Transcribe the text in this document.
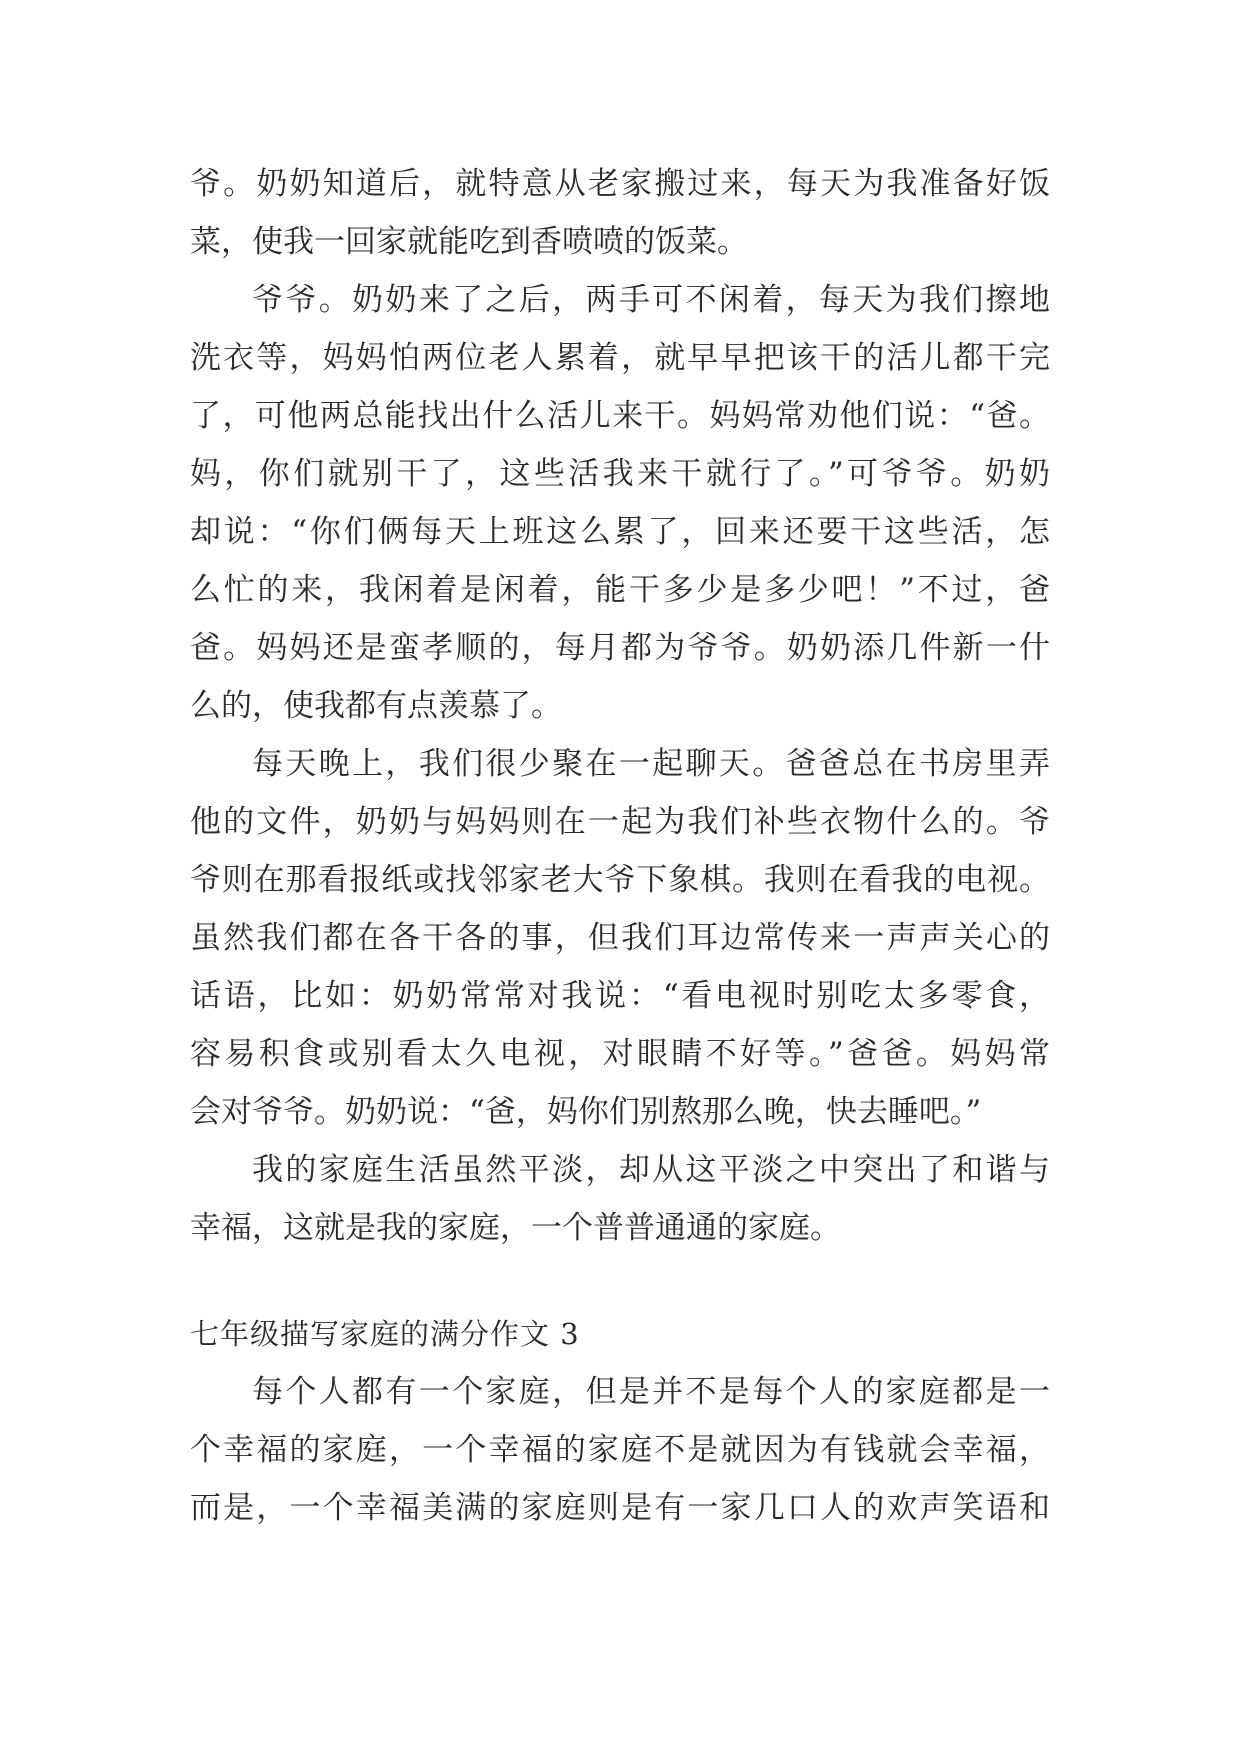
爷。奶奶知道后，就特意从老家搬过来，每天为我准备好饭
菜，使我一回家就能吃到香喷喷的饭菜。
爷爷。奶奶来了之后，两手可不闲着，每天为我们擦地
洗衣等，妈妈怕两位老人累着，就早早把该干的活儿都干完
了，可他两总能找出什么活儿来干。妈妈常劝他们说：“爸。
妈，你们就别干了，这些活我来干就行了。”可爷爷。奶奶
却说：“你们俩每天上班这么累了，回来还要干这些活，怎
么忙的来，我闲着是闲着，能干多少是多少吧！”不过，爸
爸。妈妈还是蛮孝顺的，每月都为爷爷。奶奶添几件新一什
么的，使我都有点羡慕了。
每天晚上，我们很少聚在一起聊天。爸爸总在书房里弄
他的文件，奶奶与妈妈则在一起为我们补些衣物什么的。爷
爷则在那看报纸或找邻家老大爷下象棋。我则在看我的电视。
虽然我们都在各干各的事，但我们耳边常传来一声声关心的
话语，比如：奶奶常常对我说：“看电视时别吃太多零食，
容易积食或别看太久电视，对眼睛不好等。”爸爸。妈妈常
会对爷爷。奶奶说：“爸，妈你们别熬那么晚，快去睡吧。”
我的家庭生活虽然平淡，却从这平淡之中突出了和谐与
幸福，这就是我的家庭，一个普普通通的家庭。
七年级描写家庭的满分作文 3
每个人都有一个家庭，但是并不是每个人的家庭都是一
个幸福的家庭，一个幸福的家庭不是就因为有钱就会幸福，
而是，一个幸福美满的家庭则是有一家几口人的欢声笑语和
